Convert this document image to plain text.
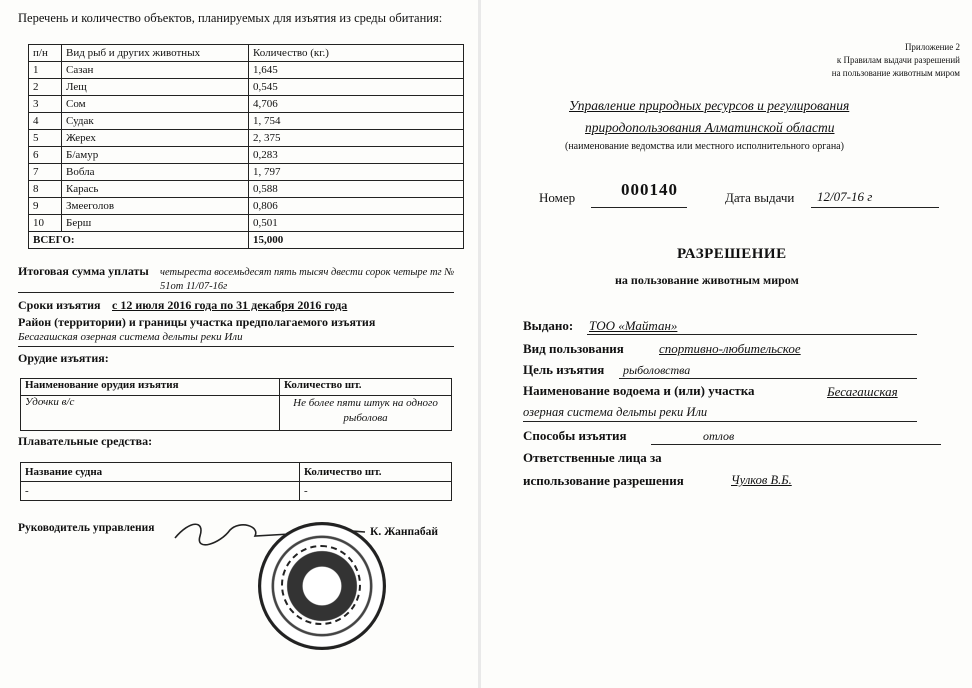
Перечень и количество объектов, планируемых для изъятия из среды обитания:
п/н	Вид рыб и других животных	Количество (кг.)
1	Сазан	1,645
2	Лещ	0,545
3	Сом	4,706
4	Судак	1, 754
5	Жерех	2, 375
6	Б/амур	0,283
7	Вобла	1, 797
8	Карась	0,588
9	Змееголов	0,806
10	Берш	0,501
ВСЕГО:		15,000
Итоговая сумма уплаты четыреста восемьдесят пять тысяч двести сорок четыре тг № 51от 11/07-16г
Сроки изъятия с 12 июля 2016 года по 31 декабря 2016 года
Район (территории) и границы участка предполагаемого изъятия
Бесагашская озерная система дельты реки Или
Орудие изъятия:
Наименование орудия изъятия	Количество шт.
Удочки в/с	Не более пяти штук на одного рыболова
Плавательные средства:
Название судна	Количество шт.
-	-
Руководитель управления	К. Жанпабай
Приложение 2
к Правилам выдачи разрешений
на пользование животным миром
Управление природных ресурсов и регулирования
природопользования Алматинской области
(наименование ведомства или местного исполнительного органа)
Номер	000140	Дата выдачи 12/07-16 г
РАЗРЕШЕНИЕ
на пользование животным миром
Выдано: ТОО «Майтан»
Вид пользования	спортивно-любительское
Цель изъятия рыболовства
Наименование водоема и (или) участка	Бесагашская
озерная система дельты реки Или
Способы изъятия	отлов
Ответственные лица за
использование разрешения	Чулков В.Б.
